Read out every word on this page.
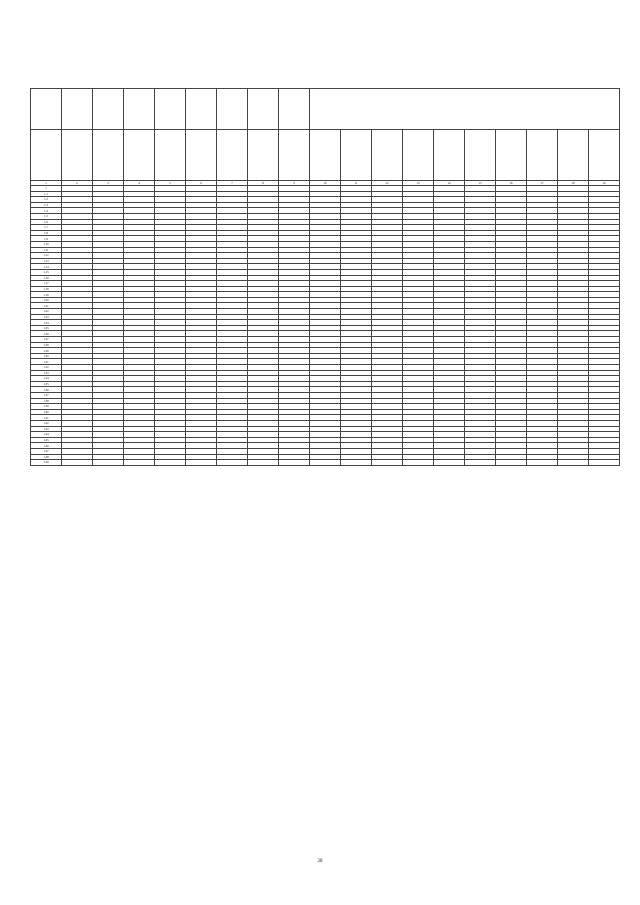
1	2	3	4	5	6	7	8	9	10	11	12	13	14	15	16	17	18	19
1																		
1.1																		
1.2																		
1.3																		
1.4																		
1.5																		
1.6																		
1.7																		
1.8																		
1.9																		
1.10																		
1.11																		
1.12																		
1.13																		
1.14																		
1.15																		
1.16																		
1.17																		
1.18																		
1.19																		
1.20																		
1.21																		
1.22																		
1.23																		
1.24																		
1.25																		
1.26																		
1.27																		
1.28																		
1.29																		
1.30																		
1.31																		
1.32																		
1.33																		
1.34																		
1.35																		
1.36																		
1.37																		
1.38																		
1.39																		
1.40																		
1.41																		
1.42																		
1.43																		
1.44																		
1.45																		
1.46																		
1.47																		
1.48																		
1.49																		
28
